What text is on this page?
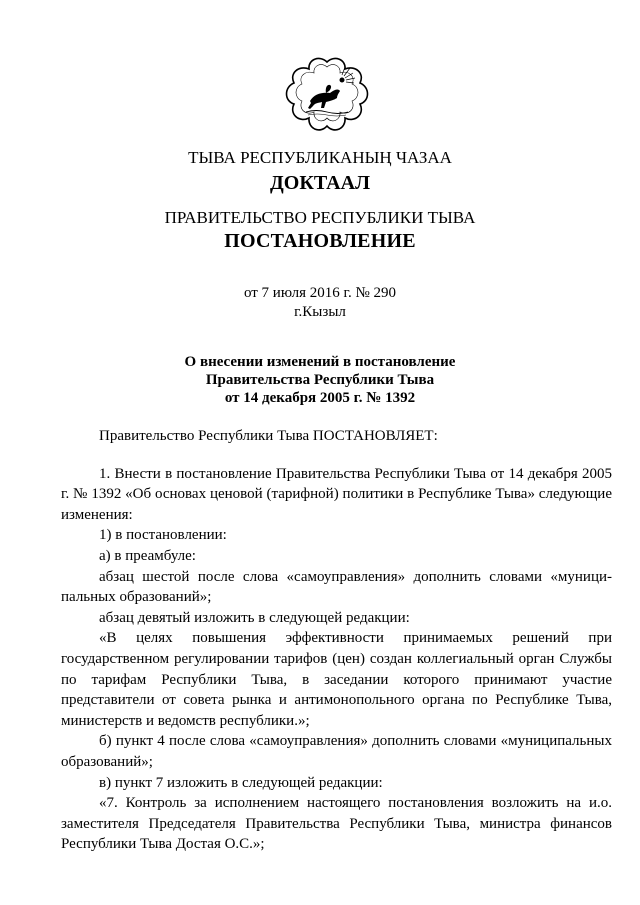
ТЫВА РЕСПУБЛИКАНЫҢ ЧАЗАА
ДОКТААЛ
ПРАВИТЕЛЬСТВО РЕСПУБЛИКИ ТЫВА
ПОСТАНОВЛЕНИЕ
от 7 июля 2016 г. № 290
г.Кызыл
О внесении изменений в постановление
Правительства Республики Тыва
от 14 декабря 2005 г. № 1392

Правительство Республики Тыва ПОСТАНОВЛЯЕТ:

1. Внести в постановление Правительства Республики Тыва от 14 декабря 2005 г. № 1392 «Об основах ценовой (тарифной) политики в Республике Тыва» следующие изменения:

1) в постановлении:

а) в преамбуле:

абзац шестой после слова «самоуправления» дополнить словами «муниципальных образований»;

абзац девятый изложить в следующей редакции:

«В целях повышения эффективности принимаемых решений при государственном регулировании тарифов (цен) создан коллегиальный орган Службы по тарифам Республики Тыва, в заседании которого принимают участие представители от совета рынка и антимонопольного органа по Республике Тыва, министерств и ведомств республики.»;

б) пункт 4 после слова «самоуправления» дополнить словами «муниципальных образований»;

в) пункт 7 изложить в следующей редакции:

«7. Контроль за исполнением настоящего постановления возложить на и.о. заместителя Председателя Правительства Республики Тыва, министра финансов Республики Тыва Достая О.С.»;
